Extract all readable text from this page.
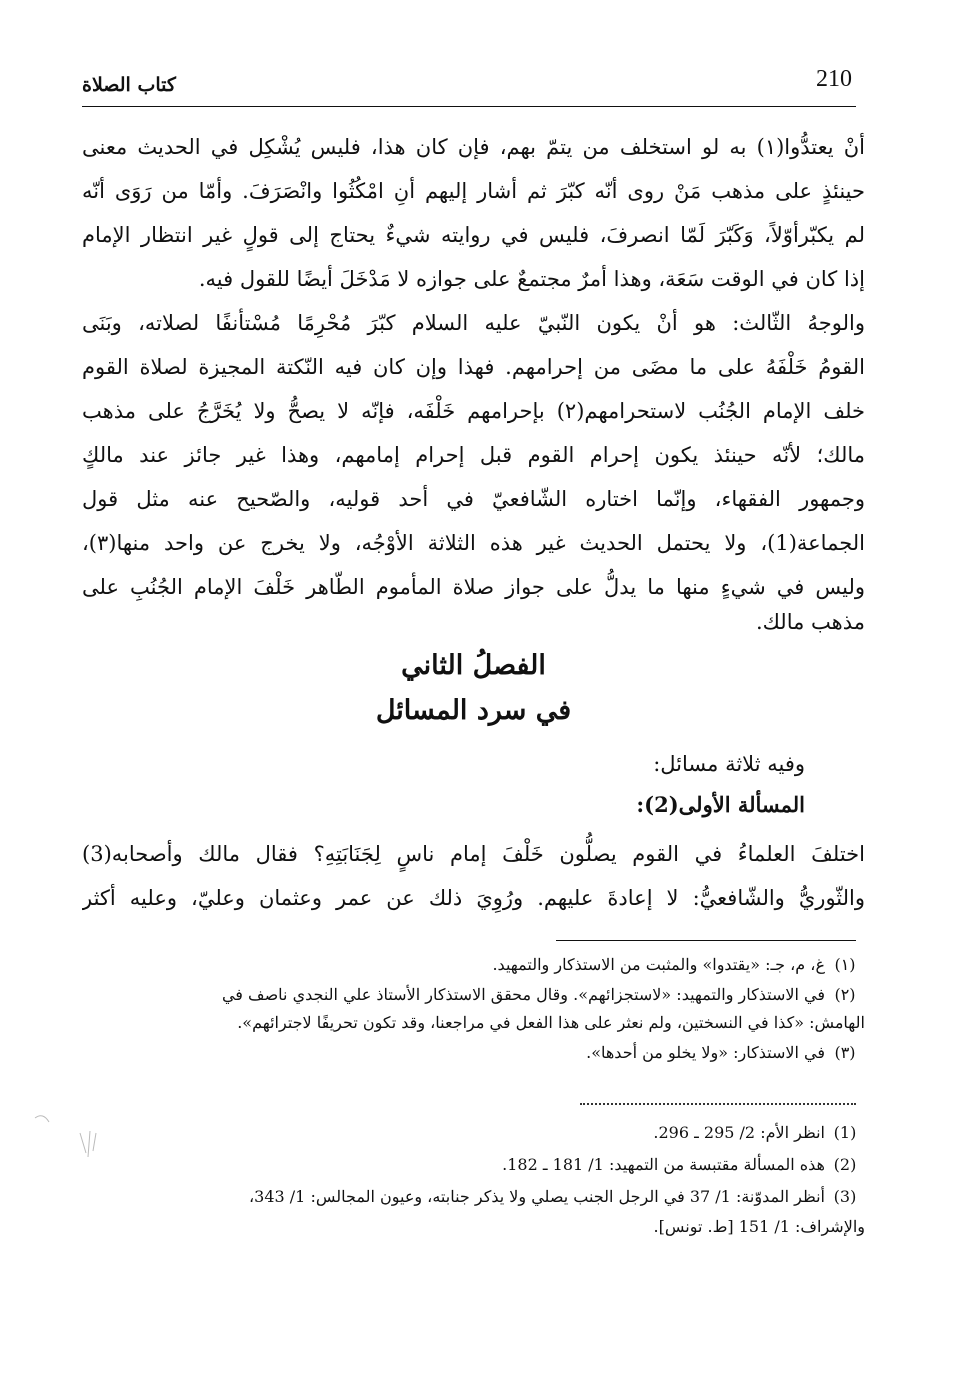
210
كتاب الصلاة
أنْ يعتدُّوا(١) به لو استخلف من يتمّ بهم، فإن كان هذا، فليس يُشْكِل في الحديث معنى
حينئذٍ على مذهب مَنْ روى أنّه كبّرَ ثم أشار إليهم أنِ امْكُثُوا وانْصَرَفَ. وأمّا من رَوَى أنّه
لم يكبّرأوّلاً، وَكَبّرَ لَمّا انصرفَ، فليس في روايته شيءٌ يحتاج إلى قولٍ غير انتظار الإمام
إذا كان في الوقت سَعَة، وهذا أمرٌ مجتمعٌ على جوازه لا مَدْخَلَ أيضًا للقول فيه.
والوجهُ الثّالث: هو أنْ يكون النّبيّ عليه السلام كبّرَ مُحْرِمًا مُسْتأنفًا لصلاته، وبَنَى
القومُ خَلْفَهُ على ما مضَى من إحرامهم. فهذا وإن كان فيه النّكتة المجيزة لصلاة القوم
خلف الإمام الجُنُب لاستحرامهم(٢) بإحرامهم خَلْفَه، فإنّه لا يصحُّ ولا يُخَرَّجُ على مذهب
مالك؛ لأنّه حينئذ يكون إحرام القوم قبل إحرام إمامهم، وهذا غير جائز عند مالكٍ
وجمهور الفقهاء، وإنّما اختاره الشّافعيّ في أحد قوليه، والصّحيح عنه مثل قول
الجماعة(1)، ولا يحتمل الحديث غير هذه الثلاثة الأوْجُه، ولا يخرج عن واحد منها(٣)،
وليس في شيءٍ منها ما يدلُّ على جواز صلاة المأموم الطّاهر خَلْفَ الإمام الجُنُبِ على
مذهب مالك.
الفصلُ الثاني
في سرد المسائل
وفيه ثلاثة مسائل:
المسألة الأولى(2):
اختلفَ العلماءُ في القوم يصلُّون خَلْفَ إمام ناسٍ لِجَنَابَتِهِ؟ فقال مالك وأصحابه(3)
والثّوريُّ والشّافعيُّ: لا إعادةَ عليهم. ورُوِيَ ذلك عن عمر وعثمان وعليّ، وعليه أكثر
(١)غ، م، جـ: «يقتدوا» والمثبت من الاستذكار والتمهيد.
(٢)في الاستذكار والتمهيد: «لاستجزائهم». وقال محقق الاستذكار الأستاذ علي النجدي ناصف في
الهامش: «كذا في النسختين، ولم نعثر على هذا الفعل في مراجعنا، وقد تكون تحريفًا لاجترائهم».
(٣)في الاستذكار: «ولا يخلو من أحدها».
(1)انظر الأم: 2/ 295 ـ 296.
(2)هذه المسألة مقتبسة من التمهيد: 1/ 181 ـ 182.
(3)أنظر المدوّنة: 1/ 37 في الرجل الجنب يصلي ولا يذكر جنابته، وعيون المجالس: 1/ 343،
والإشراف: 1/ 151 [ط. تونس].
